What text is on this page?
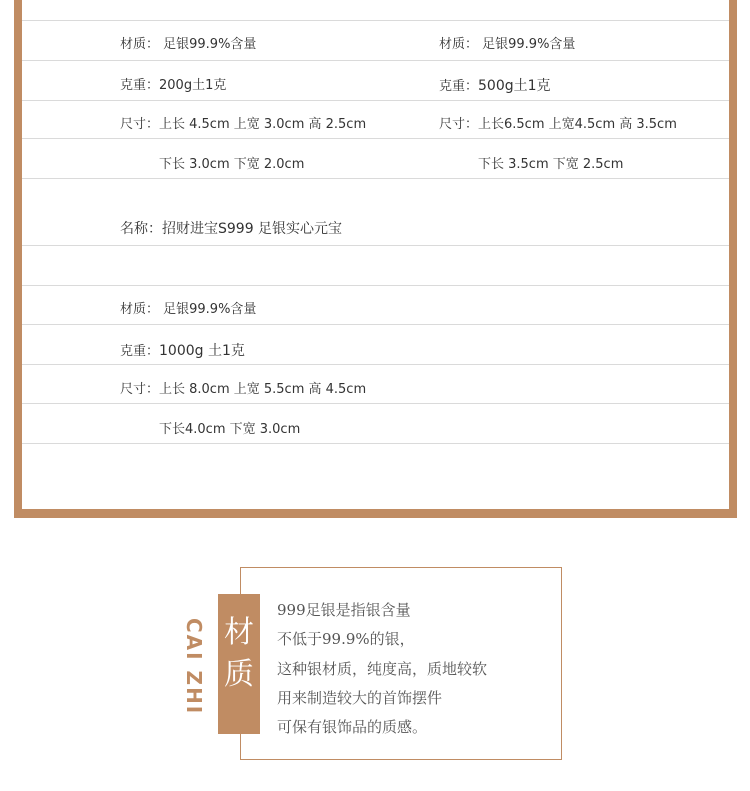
材质： 足银99.9%含量
克重：200g土1克
尺寸：上长 4.5cm 上宽 3.0cm 高 2.5cm
下长 3.0cm 下宽 2.0cm
材质： 足银99.9%含量
克重：500g土1克
尺寸：上长6.5cm 上宽4.5cm 高 3.5cm
下长 3.5cm 下宽 2.5cm
名称：招财进宝S999 足银实心元宝
材质： 足银99.9%含量
克重：1000g 土1克
尺寸：上长 8.0cm 上宽 5.5cm 高 4.5cm
下长4.0cm 下宽 3.0cm
CAI ZHI 材
质
999足银是指银含量
不低于99.9%的银，
这种银材质，纯度高，质地较软
用来制造较大的首饰摆件
可保有银饰品的质感。
